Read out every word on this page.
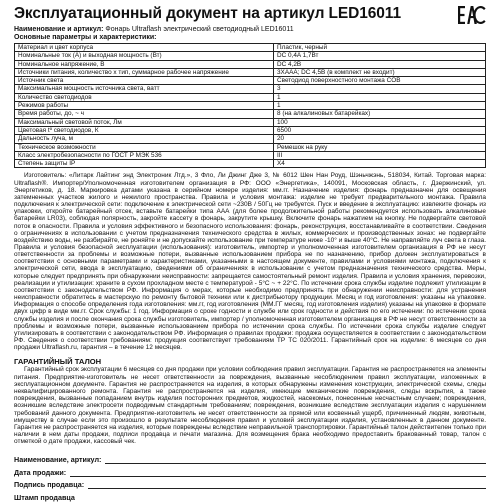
Эксплуатационный документ на артикул LED16011
Наименование и артикул: Фонарь Ultraflash электрический светодиодный LED16011
Основные параметры и характеристики:
Материал и цвет корпуса	Пластик, черный
Номинальные ток (А) и выходная мощность (Вт)	DC 0,4A 1,7Вт
Номинальное напряжение, В	DC 4,2В
Источники питания, количество х тип, суммарное рабочее напряжение	3XAAA; DC 4,5В (в комплект не входит)
Источник света	Светодиод поверхностного монтажа COB
Максимальная мощность источника света, ватт	3
Количество светодиодов	1
Режимов работы	1
Время работы, до, ~ ч	8 (на алкалиновых батарейках)
Максимальный световой поток, Лм	100
Цветовая tº светодиодов, К	6500
Дальность луча, м	20
Техническое возможности	Ремешок на руку
Класс электробезопасности по ГОСТ Р МЭК 536	III
Степень защиты IP	X4

Изготовитель: «Литарк Лайтинг энд Электроник Лтд.», 3 Фло, Ли Джинг Дже 3, № 6012 Шен Нан Роуд, Шэньчжэнь, 518034, Китай. Торговая марка: Ultraflash®. Импортер/Уполномоченная изготовителем организация в РФ: ООО «Энергетика», 140091, Московская область, г. Дзержинский, ул. Энергетиков, д. 18. Маркировка датами указана в серийном номере изделия: мм.гг. Назначение изделия: фонарь предназначен для освещения затемненных участков жилого и нежилого пространства. Правила и условия монтажа: изделие не требует предварительного монтажа. Правила подключения к электрической сети: подключение к электрической сети ~230В / 50Гц не требуется. Пуск и введение в эксплуатацию: извлеките фонарь из упаковки, откройте батарейный отсек, вставьте батарейки типа ААА (для более продолжительной работы рекомендуется использовать алкалиновые батарейки LR03), соблюдая полярность, закройте кассету в фонарь, закрутите крышку. Включите фонарь нажатием на кнопку. Не подвергайте световой поток в опасности. Правила и условия эффективного и безопасного использования: фонарь, реконструкция, восстанавливайте в соответствии. Сведения о ограничениях в использовании с учетом предназначения технического средства в жилых, коммерческих и производственных зонах: не подвергайте воздействию воды, не разбирайте, не роняйте и не допускайте использование при температуре ниже -10° и выше 40°С. Не направляйте луч света в глаза. Правила и условия безопасной эксплуатации (использования): изготовитель, импортер и уполномоченная изготовителем организация в РФ не несут ответственности за проблемы и возможные потери, вызванные использованием прибора не по назначению, прибор должен эксплуатироваться в соответствии с основными параметрами и характеристиками, указанными в настоящем документе, правилами и условиями монтажа, подключения к электрической сети, ввода в эксплуатацию, сведениями об ограничениях в использовании с учетом предназначения технического средства. Меры, которые следует предпринять при обнаружении неисправности: запрещается самостоятельный ремонт изделия. Правила и условия хранения, перевозки, реализации и утилизации: храните в сухом прохладном месте с температурой - 5°C ~ + 22°C. По истечении срока службы изделие подлежит утилизации в соответствии с законодательством РФ. Информация о мерах, которые необходимо предпринять при обнаружении неисправности: для устранения неисправности обратитесь в мастерскую по ремонту бытовой техники или к дистрибьютору продукции. Месяц и год изготовления: указаны на упаковке. Информация о способе определения года изготовления: мм.гг, год изготовления (ММ.ГГ месяц, год изготовления изделия) указаны на упаковке в формате двух цифр в виде мм.гг. Срок службы: 1 год. Информация о сроке годности и службе или срок годности и действия по его истечении: по истечении срока службы изделия и после окончания срока службы изготовитель, импортер / уполномоченная изготовителем организация в РФ не несут ответственности за проблемы и возможные потери, вызванные использованием прибора по истечении срока службы. По истечении срока службы изделие следует утилизировать в соответствии с законодательством РФ. Информация о правилах продажи: продажа осуществляется в соответствии с законодательством РФ. Сведения о соответствии требованиям: продукция соответствует требованиям ТР ТС 020/2011. Гарантийный срок на изделие: 6 месяцев со дня продажи Ultraflash.ru, гарантия – в течение 12 месяцев.

ГАРАНТИЙНЫЙ ТАЛОН

Гарантийный срок эксплуатации 6 месяцев со дня продажи при условии соблюдения правил эксплуатации. Гарантия не распространяется на элементы питания. Предприятие-изготовитель не несет ответственности за повреждения, вызванные несоблюдением правил эксплуатации, изложенных в эксплуатационном документе. Гарантия не распространяется на изделия, в которых обнаружены изменения конструкции, электрической схемы, следы неквалифицированного ремонта. Гарантия не распространяется на изделия, имеющие механические повреждения, следы вскрытия, а также повреждения, вызванные попаданием внутрь изделия посторонних предметов, жидкостей, насекомых, понесенные несчастным случаем; повреждения, возникшие вследствие электросети подводимым стандартным требованиям; повреждения, возникшие вследствие эксплуатации изделия с нарушением требований данного документа. Предприятие-изготовитель не несет ответственности за прямой или косвенный ущерб, причиненный людям, животным, имуществу в случае если это произошло в результате несоблюдения правил и условий эксплуатации изделия, установленных в данном документе. Гарантия не распространяется на изделия, которые повреждены вследствие неправильной транспортировки. Гарантийный талон действителен только при наличии в нем даты продажи, подписи продавца и печати магазина. Для возмещения брака необходимо предоставить бракованный товар, талон с отметкой о дате продажи, кассовый чек.

Наименование, артикул:
Дата продажи:
Подпись продавца:
Штамп продавца
